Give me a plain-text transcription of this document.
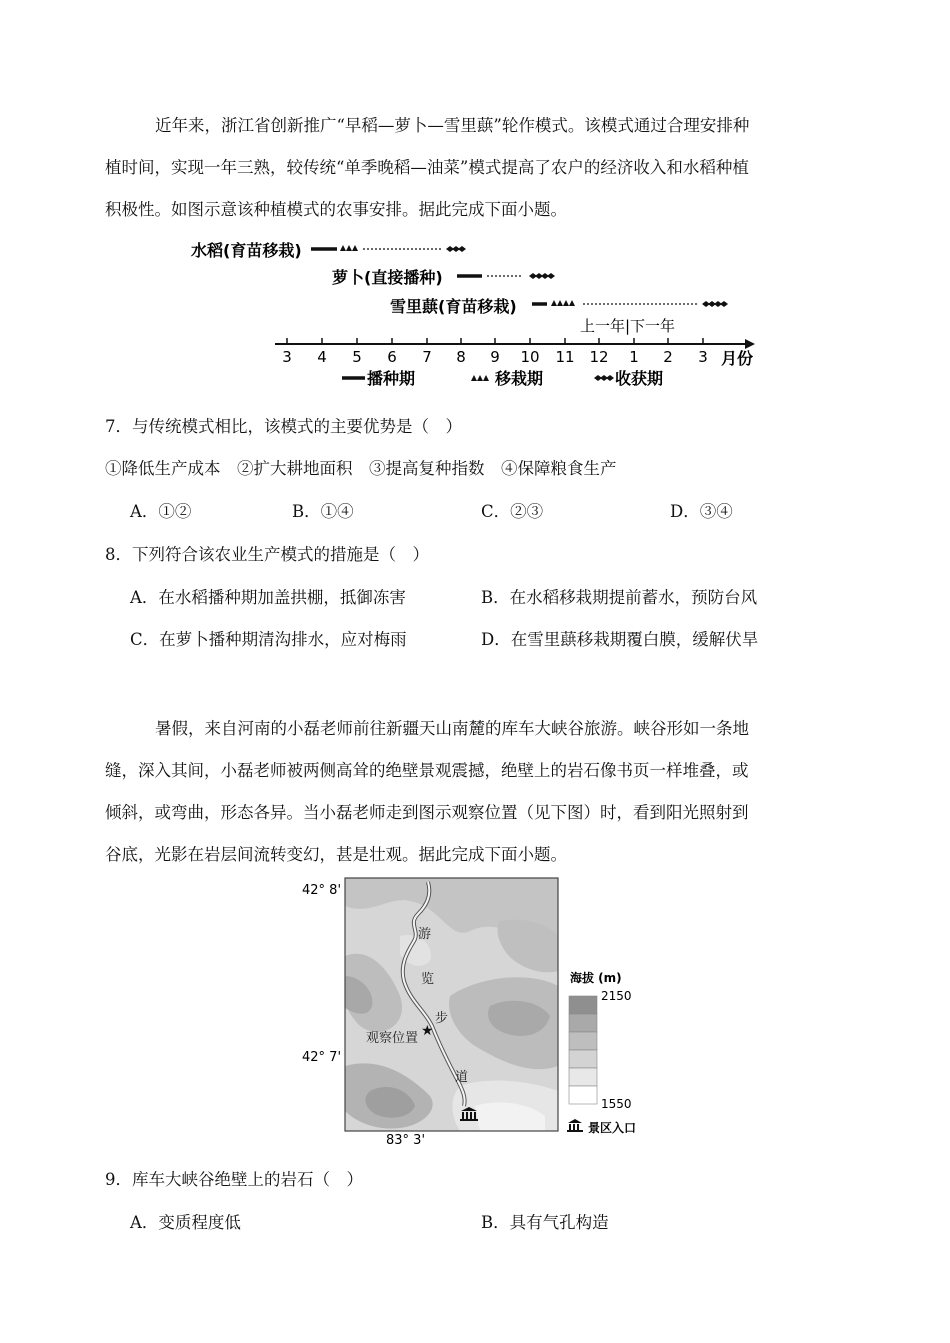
近年来，浙江省创新推广“早稻—萝卜—雪里蕻”轮作模式。该模式通过合理安排种
植时间，实现一年三熟，较传统“单季晚稻—油菜”模式提高了农户的经济收入和水稻种植
积极性。如图示意该种植模式的农事安排。据此完成下面小题。
水稻(育苗移栽)
萝卜(直接播种)
雪里蕻(育苗移栽)
上一年|下一年
3 4 5 6 7 8 9 10 11 12 1 2 3 月份
播种期	移栽期	收获期
7．与传统模式相比，该模式的主要优势是（　）
①降低生产成本　②扩大耕地面积　③提高复种指数　④保障粮食生产
A．①②	B．①④	C．②③	D．③④
8．下列符合该农业生产模式的措施是（　）
A．在水稻播种期加盖拱棚，抵御冻害	B．在水稻移栽期提前蓄水，预防台风
C．在萝卜播种期清沟排水，应对梅雨	D．在雪里蕻移栽期覆白膜，缓解伏旱
暑假，来自河南的小磊老师前往新疆天山南麓的库车大峡谷旅游。峡谷形如一条地
缝，深入其间，小磊老师被两侧高耸的绝壁景观震撼，绝壁上的岩石像书页一样堆叠，或
倾斜，或弯曲，形态各异。当小磊老师走到图示观察位置（见下图）时，看到阳光照射到
谷底，光影在岩层间流转变幻，甚是壮观。据此完成下面小题。
42° 8'
42° 7'
83° 3'
游
览
步
道
★
观察位置
海拔 (m)
2150
1550
景区入口
9．库车大峡谷绝壁上的岩石（　）
A．变质程度低	B．具有气孔构造
